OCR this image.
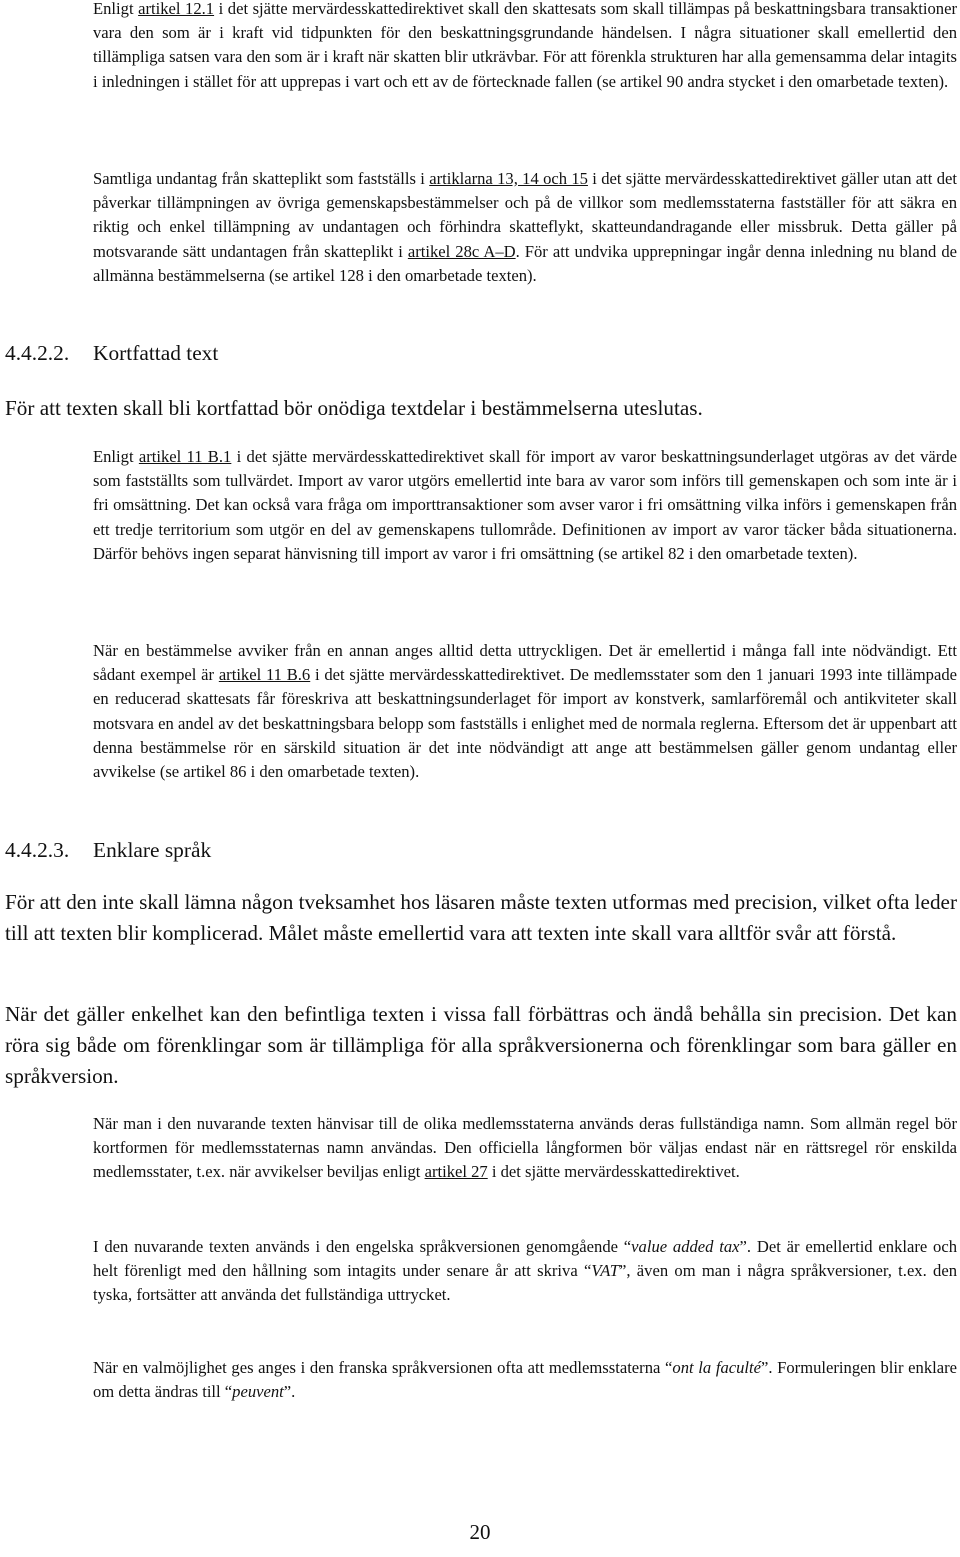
Enligt artikel 12.1 i det sjätte mervärdesskattedirektivet skall den skattesats som skall tillämpas på beskattningsbara transaktioner vara den som är i kraft vid tidpunkten för den beskattningsgrundande händelsen. I några situationer skall emellertid den tillämpliga satsen vara den som är i kraft när skatten blir utkrävbar. För att förenkla strukturen har alla gemensamma delar intagits i inledningen i stället för att upprepas i vart och ett av de förtecknade fallen (se artikel 90 andra stycket i den omarbetade texten).

Samtliga undantag från skatteplikt som fastställs i artiklarna 13, 14 och 15 i det sjätte mervärdesskattedirektivet gäller utan att det påverkar tillämpningen av övriga gemenskapsbestämmelser och på de villkor som medlemsstaterna fastställer för att säkra en riktig och enkel tillämpning av undantagen och förhindra skatteflykt, skatteundandragande eller missbruk. Detta gäller på motsvarande sätt undantagen från skatteplikt i artikel 28c A–D. För att undvika upprepningar ingår denna inledning nu bland de allmänna bestämmelserna (se artikel 128 i den omarbetade texten).

4.4.2.2. Kortfattad text

För att texten skall bli kortfattad bör onödiga textdelar i bestämmelserna uteslutas.

Enligt artikel 11 B.1 i det sjätte mervärdesskattedirektivet skall för import av varor beskattningsunderlaget utgöras av det värde som fastställts som tullvärdet. Import av varor utgörs emellertid inte bara av varor som införs till gemenskapen och som inte är i fri omsättning. Det kan också vara fråga om importtransaktioner som avser varor i fri omsättning vilka införs i gemenskapen från ett tredje territorium som utgör en del av gemenskapens tullområde. Definitionen av import av varor täcker båda situationerna. Därför behövs ingen separat hänvisning till import av varor i fri omsättning (se artikel 82 i den omarbetade texten).

När en bestämmelse avviker från en annan anges alltid detta uttryckligen. Det är emellertid i många fall inte nödvändigt. Ett sådant exempel är artikel 11 B.6 i det sjätte mervärdesskattedirektivet. De medlemsstater som den 1 januari 1993 inte tillämpade en reducerad skattesats får föreskriva att beskattningsunderlaget för import av konstverk, samlarföremål och antikviteter skall motsvara en andel av det beskattningsbara belopp som fastställs i enlighet med de normala reglerna. Eftersom det är uppenbart att denna bestämmelse rör en särskild situation är det inte nödvändigt att ange att bestämmelsen gäller genom undantag eller avvikelse (se artikel 86 i den omarbetade texten).

4.4.2.3. Enklare språk

För att den inte skall lämna någon tveksamhet hos läsaren måste texten utformas med precision, vilket ofta leder till att texten blir komplicerad. Målet måste emellertid vara att texten inte skall vara alltför svår att förstå.

När det gäller enkelhet kan den befintliga texten i vissa fall förbättras och ändå behålla sin precision. Det kan röra sig både om förenklingar som är tillämpliga för alla språkversionerna och förenklingar som bara gäller en språkversion.

När man i den nuvarande texten hänvisar till de olika medlemsstaterna används deras fullständiga namn. Som allmän regel bör kortformen för medlemsstaternas namn användas. Den officiella långformen bör väljas endast när en rättsregel rör enskilda medlemsstater, t.ex. när avvikelser beviljas enligt artikel 27 i det sjätte mervärdesskattedirektivet.

I den nuvarande texten används i den engelska språkversionen genomgående “value added tax”. Det är emellertid enklare och helt förenligt med den hållning som intagits under senare år att skriva “VAT”, även om man i några språkversioner, t.ex. den tyska, fortsätter att använda det fullständiga uttrycket.

När en valmöjlighet ges anges i den franska språkversionen ofta att medlemsstaterna “ont la faculté”. Formuleringen blir enklare om detta ändras till “peuvent”.

20
